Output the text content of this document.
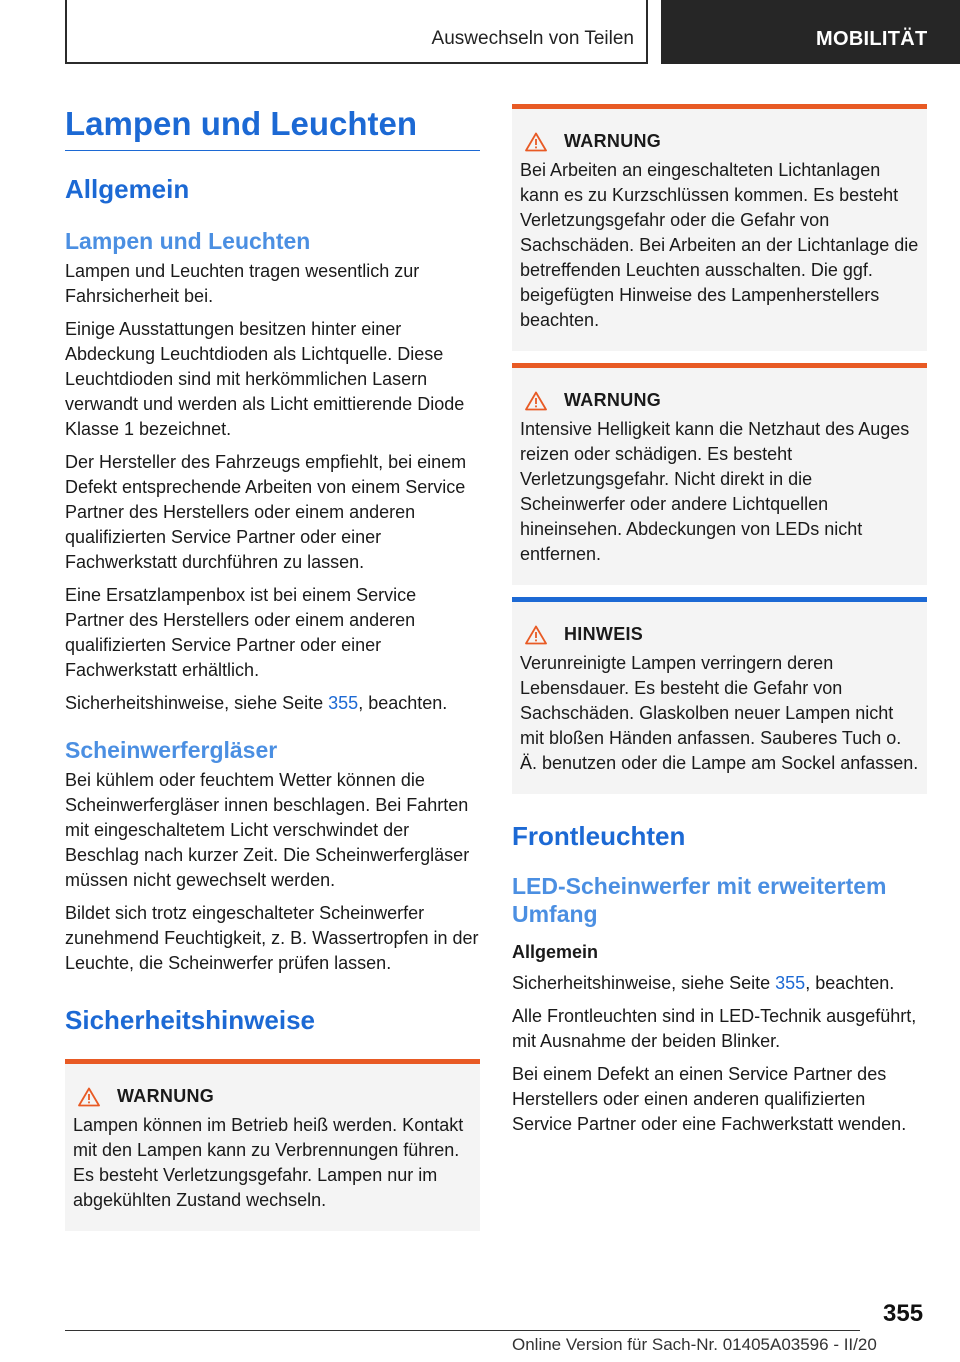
Auswechseln von Teilen	MOBILITÄT
Lampen und Leuchten
Allgemein
Lampen und Leuchten

Lampen und Leuchten tragen wesentlich zur Fahrsicherheit bei.

Einige Ausstattungen besitzen hinter einer Abdeckung Leuchtdioden als Lichtquelle. Diese Leuchtdioden sind mit herkömmlichen Lasern verwandt und werden als Licht emittierende Diode Klasse 1 bezeichnet.

Der Hersteller des Fahrzeugs empfiehlt, bei einem Defekt entsprechende Arbeiten von einem Service Partner des Herstellers oder einem anderen qualifizierten Service Partner oder einer Fachwerkstatt durchführen zu lassen.

Eine Ersatzlampenbox ist bei einem Service Partner des Herstellers oder einem anderen qualifizierten Service Partner oder einer Fachwerkstatt erhältlich.

Sicherheitshinweise, siehe Seite 355, beachten.

Scheinwerfergläser

Bei kühlem oder feuchtem Wetter können die Scheinwerfergläser innen beschlagen. Bei Fahrten mit eingeschaltetem Licht verschwindet der Beschlag nach kurzer Zeit. Die Scheinwerfergläser müssen nicht gewechselt werden.

Bildet sich trotz eingeschalteter Scheinwerfer zunehmend Feuchtigkeit, z. B. Wassertropfen in der Leuchte, die Scheinwerfer prüfen lassen.

Sicherheitshinweise
WARNUNG

Lampen können im Betrieb heiß werden. Kontakt mit den Lampen kann zu Verbrennungen führen. Es besteht Verletzungsgefahr. Lampen nur im abgekühlten Zustand wechseln.

WARNUNG

Bei Arbeiten an eingeschalteten Lichtanlagen kann es zu Kurzschlüssen kommen. Es besteht Verletzungsgefahr oder die Gefahr von Sachschäden. Bei Arbeiten an der Lichtanlage die betreffenden Leuchten ausschalten. Die ggf. beigefügten Hinweise des Lampenherstellers beachten.

WARNUNG

Intensive Helligkeit kann die Netzhaut des Auges reizen oder schädigen. Es besteht Verletzungsgefahr. Nicht direkt in die Scheinwerfer oder andere Lichtquellen hineinsehen. Abdeckungen von LEDs nicht entfernen.

HINWEIS

Verunreinigte Lampen verringern deren Lebensdauer. Es besteht die Gefahr von Sachschäden. Glaskolben neuer Lampen nicht mit bloßen Händen anfassen. Sauberes Tuch o. Ä. benutzen oder die Lampe am Sockel anfassen.

Frontleuchten
LED-Scheinwerfer mit erweitertem Umfang
Allgemein

Sicherheitshinweise, siehe Seite 355, beachten.

Alle Frontleuchten sind in LED-Technik ausgeführt, mit Ausnahme der beiden Blinker.

Bei einem Defekt an einen Service Partner des Herstellers oder einen anderen qualifizierten Service Partner oder eine Fachwerkstatt wenden.

355
Online Version für Sach-Nr. 01405A03596 - II/20
